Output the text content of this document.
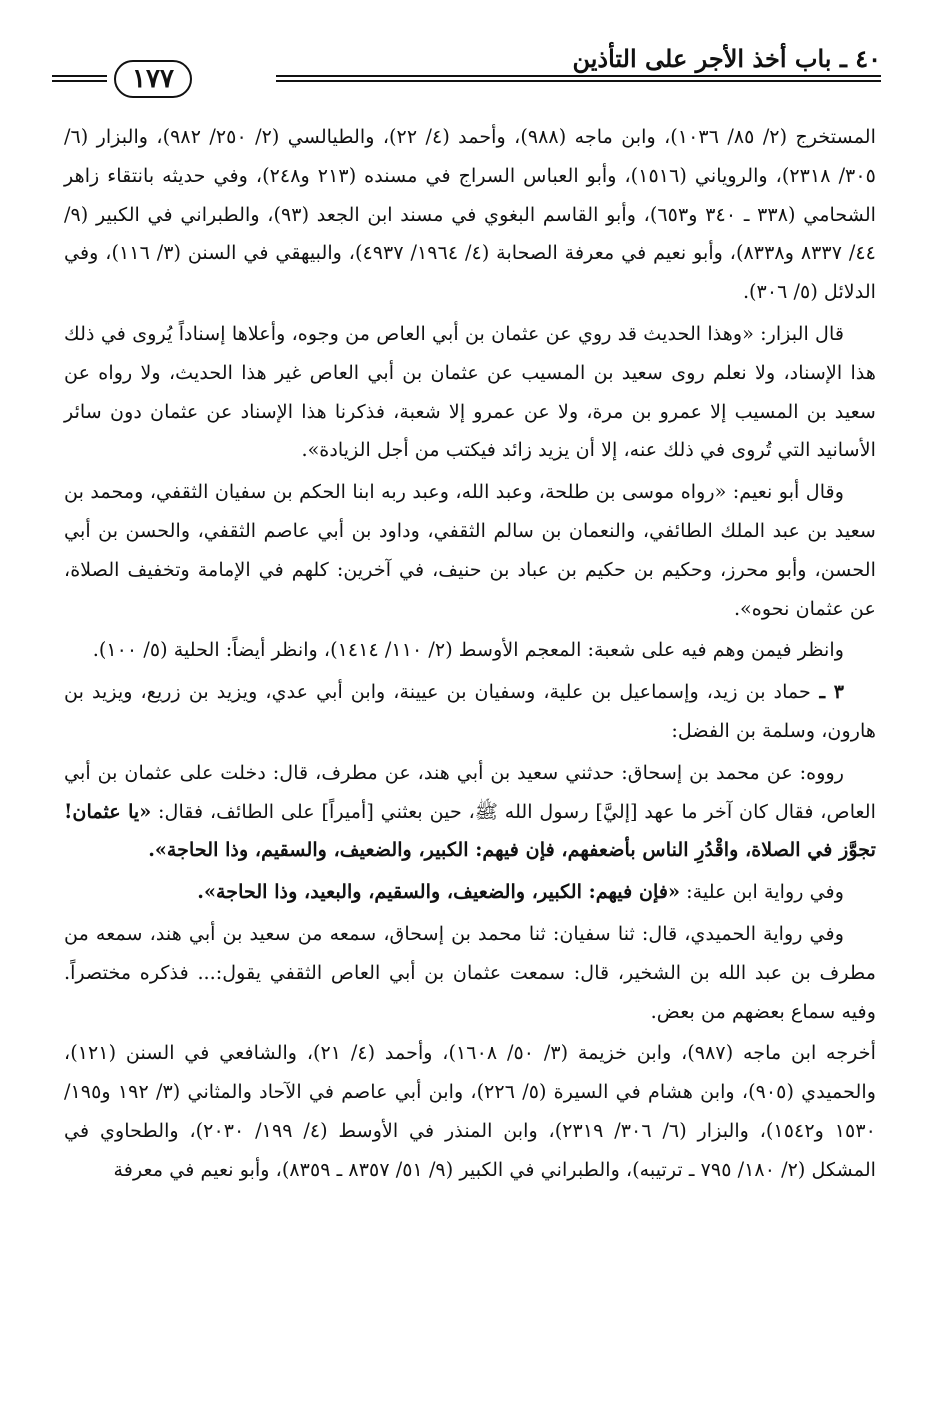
٤٠ ـ باب أخذ الأجر على التأذين
١٧٧

المستخرج (٢/ ٨٥/ ١٠٣٦)، وابن ماجه (٩٨٨)، وأحمد (٤/ ٢٢)، والطيالسي (٢/ ٢٥٠/ ٩٨٢)، والبزار (٦/ ٣٠٥/ ٢٣١٨)، والروياني (١٥١٦)، وأبو العباس السراج في مسنده (٢١٣ و٢٤٨)، وفي حديثه بانتقاء زاهر الشحامي (٣٣٨ ـ ٣٤٠ و٦٥٣)، وأبو القاسم البغوي في مسند ابن الجعد (٩٣)، والطبراني في الكبير (٩/ ٤٤/ ٨٣٣٧ و٨٣٣٨)، وأبو نعيم في معرفة الصحابة (٤/ ١٩٦٤/ ٤٩٣٧)، والبيهقي في السنن (٣/ ١١٦)، وفي الدلائل (٥/ ٣٠٦).

قال البزار: «وهذا الحديث قد روي عن عثمان بن أبي العاص من وجوه، وأعلاها إسناداً يُروى في ذلك هذا الإسناد، ولا نعلم روى سعيد بن المسيب عن عثمان بن أبي العاص غير هذا الحديث، ولا رواه عن سعيد بن المسيب إلا عمرو بن مرة، ولا عن عمرو إلا شعبة، فذكرنا هذا الإسناد عن عثمان دون سائر الأسانيد التي تُروى في ذلك عنه، إلا أن يزيد زائد فيكتب من أجل الزيادة».

وقال أبو نعيم: «رواه موسى بن طلحة، وعبد الله، وعبد ربه ابنا الحكم بن سفيان الثقفي، ومحمد بن سعيد بن عبد الملك الطائفي، والنعمان بن سالم الثقفي، وداود بن أبي عاصم الثقفي، والحسن بن أبي الحسن، وأبو محرز، وحكيم بن حكيم بن عباد بن حنيف، في آخرين: كلهم في الإمامة وتخفيف الصلاة، عن عثمان نحوه».

وانظر فيمن وهم فيه على شعبة: المعجم الأوسط (٢/ ١١٠/ ١٤١٤)، وانظر أيضاً: الحلية (٥/ ١٠٠).

٣ ـ حماد بن زيد، وإسماعيل بن علية، وسفيان بن عيينة، وابن أبي عدي، ويزيد بن زريع، ويزيد بن هارون، وسلمة بن الفضل:

رووه: عن محمد بن إسحاق: حدثني سعيد بن أبي هند، عن مطرف، قال: دخلت على عثمان بن أبي العاص، فقال كان آخر ما عهد [إليَّ] رسول الله ﷺ، حين بعثني [أميراً] على الطائف، فقال: «يا عثمان! تجوَّز في الصلاة، واقْدُرِ الناس بأضعفهم، فإن فيهم: الكبير، والضعيف، والسقيم، وذا الحاجة».

وفي رواية ابن علية: «فإن فيهم: الكبير، والضعيف، والسقيم، والبعيد، وذا الحاجة».

وفي رواية الحميدي، قال: ثنا سفيان: ثنا محمد بن إسحاق، سمعه من سعيد بن أبي هند، سمعه من مطرف بن عبد الله بن الشخير، قال: سمعت عثمان بن أبي العاص الثقفي يقول:... فذكره مختصراً. وفيه سماع بعضهم من بعض.

أخرجه ابن ماجه (٩٨٧)، وابن خزيمة (٣/ ٥٠/ ١٦٠٨)، وأحمد (٤/ ٢١)، والشافعي في السنن (١٢١)، والحميدي (٩٠٥)، وابن هشام في السيرة (٥/ ٢٢٦)، وابن أبي عاصم في الآحاد والمثاني (٣/ ١٩٢ و١٩٥/ ١٥٣٠ و١٥٤٢)، والبزار (٦/ ٣٠٦/ ٢٣١٩)، وابن المنذر في الأوسط (٤/ ١٩٩/ ٢٠٣٠)، والطحاوي في المشكل (٢/ ١٨٠/ ٧٩٥ ـ ترتيبه)، والطبراني في الكبير (٩/ ٥١/ ٨٣٥٧ ـ ٨٣٥٩)، وأبو نعيم في معرفة
